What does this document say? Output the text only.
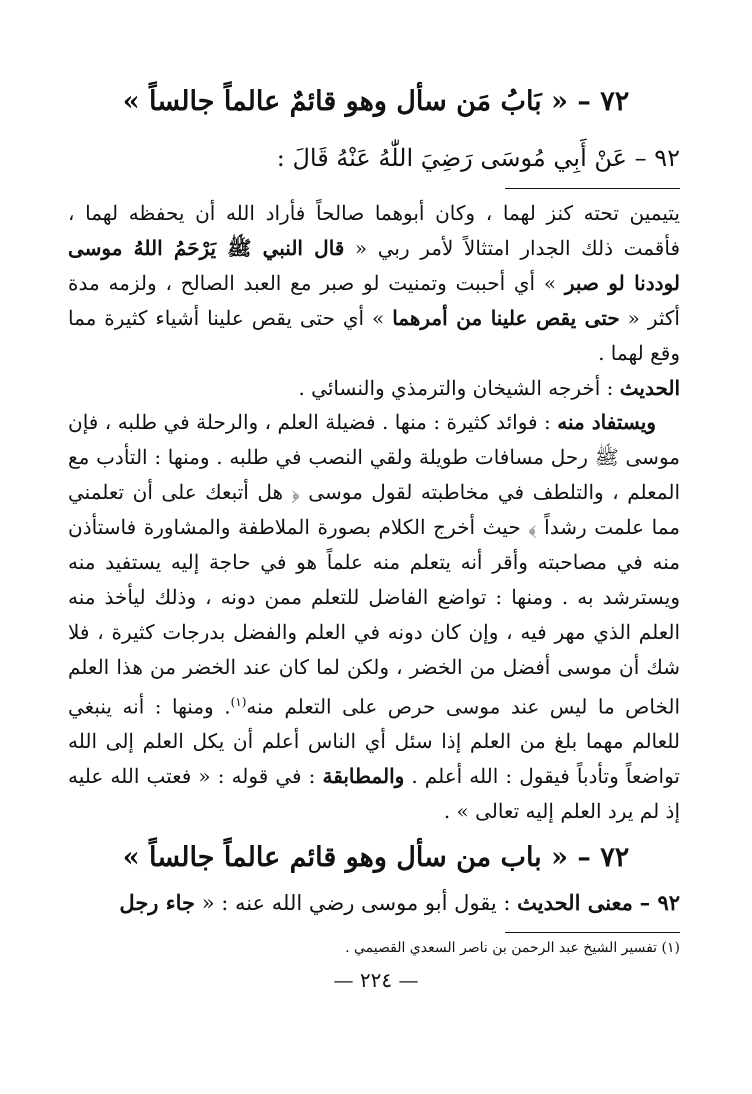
٧٢ – « بَابُ مَن سأل وهو قائمٌ عالماً جالساً »
٩٢ – عَنْ أَبِي مُوسَى رَضِيَ اللّٰهُ عَنْهُ قَالَ :

يتيمين تحته كنز لهما ، وكان أبوهما صالحاً فأراد الله أن يحفظه لهما ، فأقمت ذلك الجدار امتثالاً لأمر ربي « قال النبي ﷺ يَرْحَمُ اللهُ موسى لوددنا لو صبر » أي أحببت وتمنيت لو صبر مع العبد الصالح ، ولزمه مدة أكثر « حتى يقص علينا من أمرهما » أي حتى يقص علينا أشياء كثيرة مما وقع لهما .

الحديث : أخرجه الشيخان والترمذي والنسائي .

ويستفاد منه : فوائد كثيرة : منها . فضيلة العلم ، والرحلة في طلبه ، فإن موسى ﷺ رحل مسافات طويلة ولقي النصب في طلبه . ومنها : التأدب مع المعلم ، والتلطف في مخاطبته لقول موسى ﴿ هل أتبعك على أن تعلمني مما علمت رشداً ﴾ حيث أخرج الكلام بصورة الملاطفة والمشاورة فاستأذن منه في مصاحبته وأقر أنه يتعلم منه علماً هو في حاجة إليه يستفيد منه ويسترشد به . ومنها : تواضع الفاضل للتعلم ممن دونه ، وذلك ليأخذ منه العلم الذي مهر فيه ، وإن كان دونه في العلم والفضل بدرجات كثيرة ، فلا شك أن موسى أفضل من الخضر ، ولكن لما كان عند الخضر من هذا العلم الخاص ما ليس عند موسى حرص على التعلم منه$^{(١)}$. ومنها : أنه ينبغي للعالم مهما بلغ من العلم إذا سئل أي الناس أعلم أن يكل العلم إلى الله تواضعاً وتأدباً فيقول : الله أعلم . والمطابقة : في قوله : « فعتب الله عليه إذ لم يرد العلم إليه تعالى » .

٧٢ – « باب من سأل وهو قائم عالماً جالساً »
٩٢ – معنى الحديث : يقول أبو موسى رضي الله عنه : « جاء رجل
(١) تفسير الشيخ عبد الرحمن بن ناصر السعدي القصيمي .
— ٢٢٤ —
